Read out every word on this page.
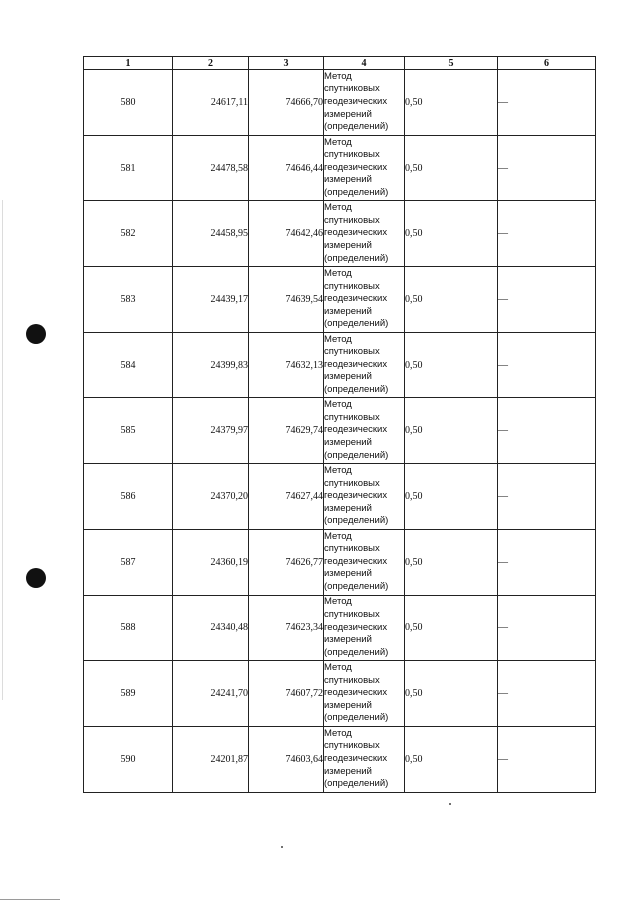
1	2	3	4	5	6
580	24617,11	74666,70	Метод
спутниковых
геодезических
измерений
(определений)	0,50	—
581	24478,58	74646,44	Метод
спутниковых
геодезических
измерений
(определений)	0,50	—
582	24458,95	74642,46	Метод
спутниковых
геодезических
измерений
(определений)	0,50	—
583	24439,17	74639,54	Метод
спутниковых
геодезических
измерений
(определений)	0,50	—
584	24399,83	74632,13	Метод
спутниковых
геодезических
измерений
(определений)	0,50	—
585	24379,97	74629,74	Метод
спутниковых
геодезических
измерений
(определений)	0,50	—
586	24370,20	74627,44	Метод
спутниковых
геодезических
измерений
(определений)	0,50	—
587	24360,19	74626,77	Метод
спутниковых
геодезических
измерений
(определений)	0,50	—
588	24340,48	74623,34	Метод
спутниковых
геодезических
измерений
(определений)	0,50	—
589	24241,70	74607,72	Метод
спутниковых
геодезических
измерений
(определений)	0,50	—
590	24201,87	74603,64	Метод
спутниковых
геодезических
измерений
(определений)	0,50	—
